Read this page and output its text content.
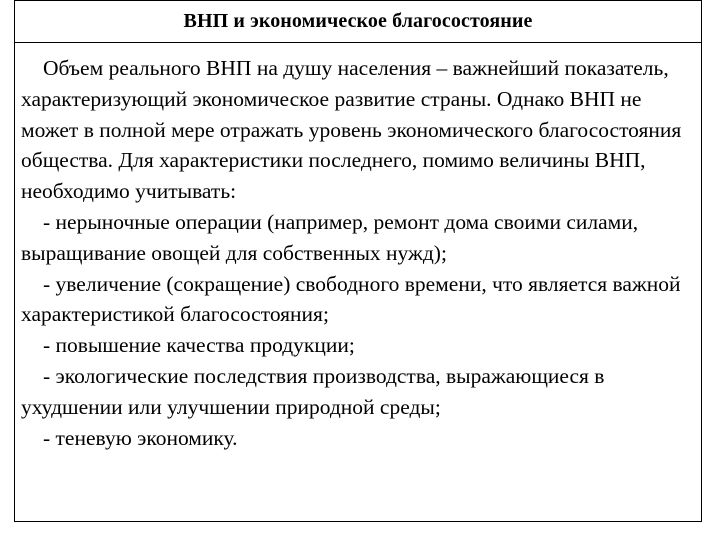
ВНП и экономическое благосостояние

Объем реального ВНП на душу населения – важнейший показатель, характеризующий экономическое развитие страны. Однако ВНП не может в полной мере отражать уровень экономического благосостояния общества. Для характеристики последнего, помимо величины ВНП, необходимо учитывать:

- нерыночные операции (например, ремонт дома своими силами, выращивание овощей для собственных нужд);

- увеличение (сокращение) свободного времени, что является важной характеристикой благосостояния;

- повышение качества продукции;

- экологические последствия производства, выражающиеся в ухудшении или улучшении природной среды;

- теневую экономику.
